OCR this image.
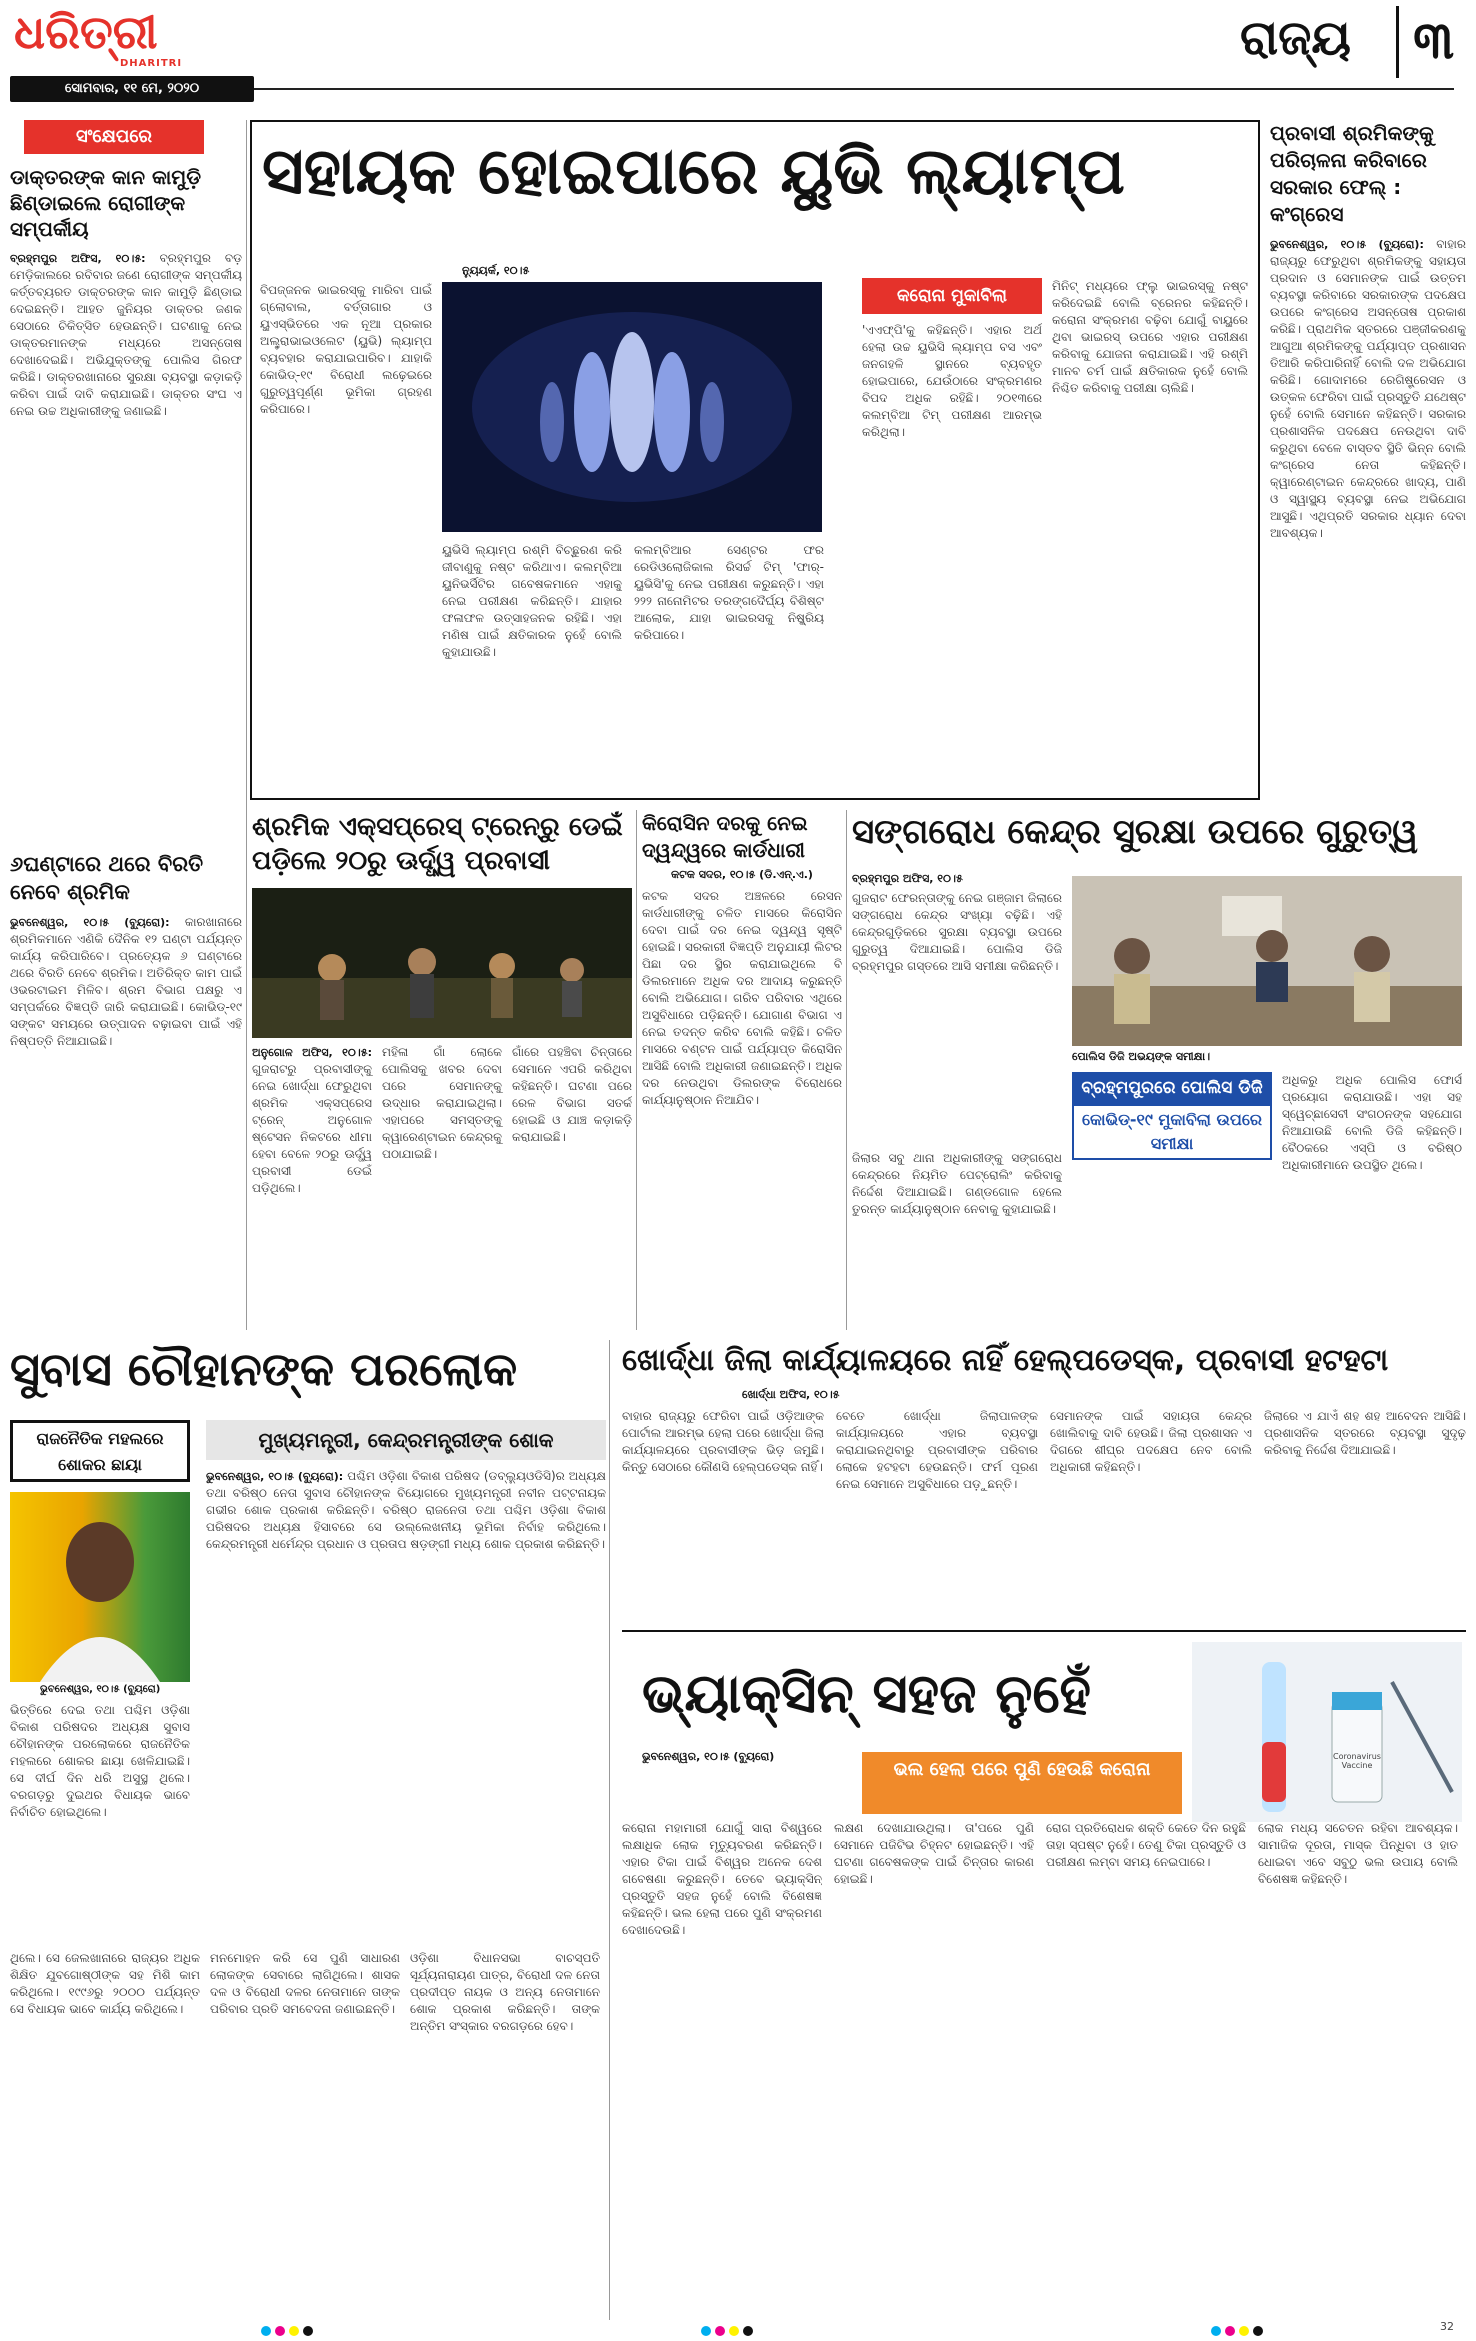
ଧରିତ୍ରୀ
DHARITRI
ସୋମବାର, ୧୧ ମେ, ୨୦୨୦
ରାଜ୍ୟ ୩
ସଂକ୍ଷେପରେ
ଡାକ୍ତରଙ୍କ କାନ କାମୁଡ଼ି ଛିଣ୍ଡାଇଲେ ରୋଗୀଙ୍କ ସମ୍ପର୍କୀୟ
ବ୍ରହ୍ମପୁର ଅଫିସ, ୧୦।୫: ବ୍ରହ୍ମପୁର ବଡ଼ ମେଡ଼ିକାଲରେ ରବିବାର ଜଣେ ରୋଗୀଙ୍କ ସମ୍ପର୍କୀୟ କର୍ତ୍ତବ୍ୟରତ ଡାକ୍ତରଙ୍କ କାନ କାମୁଡ଼ି ଛିଣ୍ଡାଇ ଦେଇଛନ୍ତି। ଆହତ ଜୁନିୟର ଡାକ୍ତର ଜଣକ ସେଠାରେ ଚିକିତ୍ସିତ ହେଉଛନ୍ତି। ଘଟଣାକୁ ନେଇ ଡାକ୍ତରମାନଙ୍କ ମଧ୍ୟରେ ଅସନ୍ତୋଷ ଦେଖାଦେଇଛି। ଅଭିଯୁକ୍ତଙ୍କୁ ପୋଲିସ ଗିରଫ କରିଛି। ଡାକ୍ତରଖାନାରେ ସୁରକ୍ଷା ବ୍ୟବସ୍ଥା କଡ଼ାକଡ଼ି କରିବା ପାଇଁ ଦାବି କରାଯାଇଛି। ଡାକ୍ତର ସଂଘ ଏ ନେଇ ଉଚ୍ଚ ଅଧିକାରୀଙ୍କୁ ଜଣାଇଛି।
୬ଘଣ୍ଟାରେ ଥରେ ବିରତି ନେବେ ଶ୍ରମିକ
ଭୁବନେଶ୍ୱର, ୧୦।୫ (ବ୍ୟୁରୋ): କାରଖାନାରେ ଶ୍ରମିକମାନେ ଏଣିକି ଦୈନିକ ୧୨ ଘଣ୍ଟା ପର୍ଯ୍ୟନ୍ତ କାର୍ଯ୍ୟ କରିପାରିବେ। ପ୍ରତ୍ୟେକ ୬ ଘଣ୍ଟାରେ ଥରେ ବିରତି ନେବେ ଶ୍ରମିକ। ଅତିରିକ୍ତ କାମ ପାଇଁ ଓଭରଟାଇମ ମିଳିବ। ଶ୍ରମ ବିଭାଗ ପକ୍ଷରୁ ଏ ସମ୍ପର୍କରେ ବିଜ୍ଞପ୍ତି ଜାରି କରାଯାଇଛି। କୋଭିଡ୍-୧୯ ସଙ୍କଟ ସମୟରେ ଉତ୍ପାଦନ ବଢ଼ାଇବା ପାଇଁ ଏହି ନିଷ୍ପତ୍ତି ନିଆଯାଇଛି।
ସହାୟକ ହୋଇପାରେ ୟୁଭି ଲ୍ୟାମ୍ପ
ନ୍ୟୁୟର୍କ, ୧୦।୫
କରୋନା ମୁକାବିଲା
ବିପଜ୍ଜନକ ଭାଇରସ୍‌କୁ ମାରିବା ପାଇଁ ଗ୍ଲୋବାଲ, ବର୍ତ୍ତାଗାର ଓ ୟୁଏସ୍‌ଭିତରେ ଏକ ନୂଆ ପ୍ରକାର ଅଲ୍ଟ୍ରାଭାଇଓଲେଟ (ୟୁଭି) ଲ୍ୟାମ୍ପ ବ୍ୟବହାର କରାଯାଇପାରିବ। ଯାହାକି କୋଭିଡ୍-୧୯ ବିରୋଧୀ ଲଢ଼େଇରେ ଗୁରୁତ୍ୱପୂର୍ଣ୍ଣ ଭୂମିକା ଗ୍ରହଣ କରିପାରେ।
ୟୁଭିସି ଲ୍ୟାମ୍ପ ରଶ୍ମି ବିଚ୍ଛୁରଣ କରି ଜୀବାଣୁକୁ ନଷ୍ଟ କରିଥାଏ। କଲମ୍ବିଆ ୟୁନିଭର୍ସିଟିର ଗବେଷକମାନେ ଏହାକୁ ନେଇ ପରୀକ୍ଷଣ କରିଛନ୍ତି। ଯାହାର ଫଳାଫଳ ଉତ୍ସାହଜନକ ରହିଛି। ଏହା ମଣିଷ ପାଇଁ କ୍ଷତିକାରକ ନୁହେଁ ବୋଲି କୁହାଯାଉଛି।
କଲମ୍ବିଆର ସେଣ୍ଟର ଫର ରେଡିଓଲୋଜିକାଲ ରିସର୍ଚ୍ଚ ଟିମ୍ 'ଫାର୍-ୟୁଭିସି'କୁ ନେଇ ପରୀକ୍ଷଣ କରୁଛନ୍ତି। ଏହା ୨୨୨ ନାନୋମିଟର ତରଙ୍ଗଦୈର୍ଘ୍ୟ ବିଶିଷ୍ଟ ଆଲୋକ, ଯାହା ଭାଇରସକୁ ନିଷ୍କ୍ରିୟ କରିପାରେ।
'ଏଏଫ୍‌ପି'କୁ କହିଛନ୍ତି। ଏହାର ଅର୍ଥ ହେଲା ଉଚ୍ଚ ୟୁଭିସି ଲ୍ୟାମ୍ପ ବସ ଏବଂ ଜନଗହଳି ସ୍ଥାନରେ ବ୍ୟବହୃତ ହୋଇପାରେ, ଯେଉଁଠାରେ ସଂକ୍ରମଣର ବିପଦ ଅଧିକ ରହିଛି। ୨୦୧୩ରେ କଲମ୍ବିଆ ଟିମ୍ ପରୀକ୍ଷଣ ଆରମ୍ଭ କରିଥିଲା।
ମିନିଟ୍ ମଧ୍ୟରେ ଫ୍ଲୁ ଭାଇରସ୍‌କୁ ନଷ୍ଟ କରିଦେଇଛି ବୋଲି ବ୍ରେନର କହିଛନ୍ତି। କରୋନା ସଂକ୍ରମଣ ବଢ଼ିବା ଯୋଗୁଁ ବାୟୁରେ ଥିବା ଭାଇରସ୍ ଉପରେ ଏହାର ପରୀକ୍ଷଣ କରିବାକୁ ଯୋଜନା କରାଯାଇଛି। ଏହି ରଶ୍ମି ମାନବ ଚର୍ମ ପାଇଁ କ୍ଷତିକାରକ ନୁହେଁ ବୋଲି ନିଶ୍ଚିତ କରିବାକୁ ପରୀକ୍ଷା ଚାଲିଛି।
ପ୍ରବାସୀ ଶ୍ରମିକଙ୍କୁ ପରିଚାଳନା କରିବାରେ ସରକାର ଫେଲ୍ : କଂଗ୍ରେସ
ଭୁବନେଶ୍ୱର, ୧୦।୫ (ବ୍ୟୁରୋ): ବାହାର ରାଜ୍ୟରୁ ଫେରୁଥିବା ଶ୍ରମିକଙ୍କୁ ସହାୟତା ପ୍ରଦାନ ଓ ସେମାନଙ୍କ ପାଇଁ ଉତ୍ତମ ବ୍ୟବସ୍ଥା କରିବାରେ ସରକାରଙ୍କ ପଦକ୍ଷେପ ଉପରେ କଂଗ୍ରେସ ଅସନ୍ତୋଷ ପ୍ରକାଶ କରିଛି। ପ୍ରାଥମିକ ସ୍ତରରେ ପଞ୍ଜୀକରଣକୁ ଆଗୁଆ ଶ୍ରମିକଙ୍କୁ ପର୍ଯ୍ୟାପ୍ତ ପ୍ରଶାସନ ତିଆରି କରିପାରିନାହିଁ ବୋଲି ଦଳ ଅଭିଯୋଗ କରିଛି। ଗୋଦାମରେ ରେଗିଷ୍ଟ୍ରେସନ ଓ ଉତ୍କଳ ଫେରିବା ପାଇଁ ପ୍ରସ୍ତୁତି ଯଥେଷ୍ଟ ନୁହେଁ ବୋଲି ସେମାନେ କହିଛନ୍ତି। ସରକାର ପ୍ରଶାସନିକ ପଦକ୍ଷେପ ନେଉଥିବା ଦାବି କରୁଥିବା ବେଳେ ବାସ୍ତବ ସ୍ଥିତି ଭିନ୍ନ ବୋଲି କଂଗ୍ରେସ ନେତା କହିଛନ୍ତି। କ୍ୱାରେଣ୍ଟାଇନ କେନ୍ଦ୍ରରେ ଖାଦ୍ୟ, ପାଣି ଓ ସ୍ୱାସ୍ଥ୍ୟ ବ୍ୟବସ୍ଥା ନେଇ ଅଭିଯୋଗ ଆସୁଛି। ଏଥିପ୍ରତି ସରକାର ଧ୍ୟାନ ଦେବା ଆବଶ୍ୟକ।
ଶ୍ରମିକ ଏକ୍ସପ୍ରେସ୍ ଟ୍ରେନ୍‌ରୁ ଡେଇଁ ପଡ଼ିଲେ ୨୦ରୁ ଊର୍ଦ୍ଧ୍ୱ ପ୍ରବାସୀ
ଅନୁଗୋଳ ଅଫିସ, ୧୦।୫: ଗୁଜରାଟରୁ ପ୍ରବାସୀଙ୍କୁ ନେଇ ଖୋର୍ଦ୍ଧା ଫେରୁଥିବା ଶ୍ରମିକ ଏକ୍ସପ୍ରେସ ଟ୍ରେନ୍ ଅନୁଗୋଳ ଷ୍ଟେସନ ନିକଟରେ ଧୀମା ହେବା ବେଳେ ୨୦ରୁ ଊର୍ଦ୍ଧ୍ୱ ପ୍ରବାସୀ ଡେଇଁ ପଡ଼ିଥିଲେ।
ମହିଳା ଗାଁ ଲୋକେ ପୋଲିସକୁ ଖବର ଦେବା ପରେ ସେମାନଙ୍କୁ ଉଦ୍ଧାର କରାଯାଇଥିଲା। ଏହାପରେ ସମସ୍ତଙ୍କୁ କ୍ୱାରେଣ୍ଟାଇନ କେନ୍ଦ୍ରକୁ ପଠାଯାଇଛି।
ଗାଁରେ ପହଞ୍ଚିବା ଚିନ୍ତାରେ ସେମାନେ ଏପରି କରିଥିବା କହିଛନ୍ତି। ଘଟଣା ପରେ ରେଳ ବିଭାଗ ସତର୍କ ହୋଇଛି ଓ ଯାଞ୍ଚ କଡ଼ାକଡ଼ି କରାଯାଇଛି।
କିରୋସିନ ଦରକୁ ନେଇ ଦ୍ୱନ୍ଦ୍ୱରେ କାର୍ଡଧାରୀ
କଟକ ସଦର, ୧୦।୫ (ଡି.ଏନ୍.ଏ.)
କଟକ ସଦର ଅଞ୍ଚଳରେ ରେସନ କାର୍ଡଧାରୀଙ୍କୁ ଚଳିତ ମାସରେ କିରୋସିନ ଦେବା ପାଇଁ ଦର ନେଇ ଦ୍ୱନ୍ଦ୍ୱ ସୃଷ୍ଟି ହୋଇଛି। ସରକାରୀ ବିଜ୍ଞପ୍ତି ଅନୁଯାୟୀ ଲିଟର ପିଛା ଦର ସ୍ଥିର କରାଯାଇଥିଲେ ବି ଡିଲରମାନେ ଅଧିକ ଦର ଆଦାୟ କରୁଛନ୍ତି ବୋଲି ଅଭିଯୋଗ। ଗରିବ ପରିବାର ଏଥିରେ ଅସୁବିଧାରେ ପଡ଼ିଛନ୍ତି। ଯୋଗାଣ ବିଭାଗ ଏ ନେଇ ତଦନ୍ତ କରିବ ବୋଲି କହିଛି। ଚଳିତ ମାସରେ ବଣ୍ଟନ ପାଇଁ ପର୍ଯ୍ୟାପ୍ତ କିରୋସିନ ଆସିଛି ବୋଲି ଅଧିକାରୀ ଜଣାଇଛନ୍ତି। ଅଧିକ ଦର ନେଉଥିବା ଡିଲରଙ୍କ ବିରୋଧରେ କାର୍ଯ୍ୟାନୁଷ୍ଠାନ ନିଆଯିବ।
ସଙ୍ଗରୋଧ କେନ୍ଦ୍ର ସୁରକ୍ଷା ଉପରେ ଗୁରୁତ୍ୱ
ବ୍ରହ୍ମପୁର ଅଫିସ, ୧୦।୫
ଗୁଜରାଟ ଫେରନ୍ତାଙ୍କୁ ନେଇ ଗଞ୍ଜାମ ଜିଲାରେ ସଙ୍ଗରୋଧ କେନ୍ଦ୍ର ସଂଖ୍ୟା ବଢ଼ିଛି। ଏହି କେନ୍ଦ୍ରଗୁଡ଼ିକରେ ସୁରକ୍ଷା ବ୍ୟବସ୍ଥା ଉପରେ ଗୁରୁତ୍ୱ ଦିଆଯାଇଛି। ପୋଲିସ ଡିଜି ବ୍ରହ୍ମପୁର ଗସ୍ତରେ ଆସି ସମୀକ୍ଷା କରିଛନ୍ତି।
ପୋଲିସ ଡିଜି ଅଭୟଙ୍କ ସମୀକ୍ଷା।
ବ୍ରହ୍ମପୁରରେ ପୋଲିସ ଡିଜି
କୋଭିଡ୍-୧୯ ମୁକାବିଲା ଉପରେ ସମୀକ୍ଷା
ଜିଲାର ସବୁ ଥାନା ଅଧିକାରୀଙ୍କୁ ସଙ୍ଗରୋଧ କେନ୍ଦ୍ରରେ ନିୟମିତ ପେଟ୍ରୋଲିଂ କରିବାକୁ ନିର୍ଦ୍ଦେଶ ଦିଆଯାଇଛି। ଗଣ୍ଡଗୋଳ ହେଲେ ତୁରନ୍ତ କାର୍ଯ୍ୟାନୁଷ୍ଠାନ ନେବାକୁ କୁହାଯାଇଛି।
ଅଧିକରୁ ଅଧିକ ପୋଲିସ ଫୋର୍ସ ପ୍ରୟୋଗ କରାଯାଉଛି। ଏହା ସହ ସ୍ୱେଚ୍ଛାସେବୀ ସଂଗଠନଙ୍କ ସହଯୋଗ ନିଆଯାଉଛି ବୋଲି ଡିଜି କହିଛନ୍ତି। ବୈଠକରେ ଏସ୍‌ପି ଓ ବରିଷ୍ଠ ଅଧିକାରୀମାନେ ଉପସ୍ଥିତ ଥିଲେ।
ସୁବାସ ଚୌହାନଙ୍କ ପରଲୋକ
ରାଜନୈତିକ ମହଲରେ ଶୋକର ଛାୟା
ମୁଖ୍ୟମନ୍ତ୍ରୀ, କେନ୍ଦ୍ରମନ୍ତ୍ରୀଙ୍କ ଶୋକ
ଭୁବନେଶ୍ୱର, ୧୦।୫ (ବ୍ୟୁରୋ)
ଭୁବନେଶ୍ୱର, ୧୦।୫ (ବ୍ୟୁରୋ): ପଶ୍ଚିମ ଓଡ଼ିଶା ବିକାଶ ପରିଷଦ (ଡବ୍ଲ୍ୟୁଓଡିସି)ର ଅଧ୍ୟକ୍ଷ ତଥା ବରିଷ୍ଠ ନେତା ସୁବାସ ଚୌହାନଙ୍କ ବିୟୋଗରେ ମୁଖ୍ୟମନ୍ତ୍ରୀ ନବୀନ ପଟ୍ଟନାୟକ ଗଭୀର ଶୋକ ପ୍ରକାଶ କରିଛନ୍ତି। ବରିଷ୍ଠ ରାଜନେତା ତଥା ପଶ୍ଚିମ ଓଡ଼ିଶା ବିକାଶ ପରିଷଦର ଅଧ୍ୟକ୍ଷ ହିସାବରେ ସେ ଉଲ୍ଲେଖନୀୟ ଭୂମିକା ନିର୍ବାହ କରିଥିଲେ। କେନ୍ଦ୍ରମନ୍ତ୍ରୀ ଧର୍ମେନ୍ଦ୍ର ପ୍ରଧାନ ଓ ପ୍ରତାପ ଷଡ଼ଙ୍ଗୀ ମଧ୍ୟ ଶୋକ ପ୍ରକାଶ କରିଛନ୍ତି।
ଭିତ୍ତିରେ ଦେଇ ତଥା ପଶ୍ଚିମ ଓଡ଼ିଶା ବିକାଶ ପରିଷଦର ଅଧ୍ୟକ୍ଷ ସୁବାସ ଚୌହାନଙ୍କ ପରଲୋକରେ ରାଜନୈତିକ ମହଲରେ ଶୋକର ଛାୟା ଖେଳିଯାଇଛି। ସେ ଦୀର୍ଘ ଦିନ ଧରି ଅସୁସ୍ଥ ଥିଲେ। ବରଗଡ଼ରୁ ଦୁଇଥର ବିଧାୟକ ଭାବେ ନିର୍ବାଚିତ ହୋଇଥିଲେ।
ଥିଲେ। ସେ ଜେଲଖାନାରେ ରାଜ୍ୟର ଅଧିକ ଶିକ୍ଷିତ ଯୁବଗୋଷ୍ଠୀଙ୍କ ସହ ମିଶି କାମ କରିଥିଲେ। ୧୯୯୬ରୁ ୨୦୦୦ ପର୍ଯ୍ୟନ୍ତ ସେ ବିଧାୟକ ଭାବେ କାର୍ଯ୍ୟ କରିଥିଲେ।
ମନମୋହନ କରି ସେ ପୁଣି ସାଧାରଣ ଲୋକଙ୍କ ସେବାରେ ଲାଗିଥିଲେ। ଶାସକ ଦଳ ଓ ବିରୋଧୀ ଦଳର ନେତାମାନେ ତାଙ୍କ ପରିବାର ପ୍ରତି ସମବେଦନା ଜଣାଇଛନ୍ତି।
ଓଡ଼ିଶା ବିଧାନସଭା ବାଚସ୍ପତି ସୂର୍ଯ୍ୟନାରାୟଣ ପାତ୍ର, ବିରୋଧୀ ଦଳ ନେତା ପ୍ରଦୀପ୍ତ ନାୟକ ଓ ଅନ୍ୟ ନେତାମାନେ ଶୋକ ପ୍ରକାଶ କରିଛନ୍ତି। ତାଙ୍କ ଅନ୍ତିମ ସଂସ୍କାର ବରଗଡ଼ରେ ହେବ।
ଖୋର୍ଦ୍ଧା ଜିଲା କାର୍ଯ୍ୟାଳୟରେ ନାହିଁ ହେଲ୍ପଡେସ୍କ, ପ୍ରବାସୀ ହଟହଟା
ଖୋର୍ଦ୍ଧା ଅଫିସ, ୧୦।୫
ବାହାର ରାଜ୍ୟରୁ ଫେରିବା ପାଇଁ ଓଡ଼ିଆଙ୍କ ପୋର୍ଟାଲ ଆରମ୍ଭ ହେଲା ପରେ ଖୋର୍ଦ୍ଧା ଜିଲା କାର୍ଯ୍ୟାଳୟରେ ପ୍ରବାସୀଙ୍କ ଭିଡ଼ ଜମୁଛି। କିନ୍ତୁ ସେଠାରେ କୌଣସି ହେଲ୍ପଡେସ୍କ ନାହିଁ।
ବେତେ ଖୋର୍ଦ୍ଧା ଜିଲାପାଳଙ୍କ କାର୍ଯ୍ୟାଳୟରେ ଏହାର ବ୍ୟବସ୍ଥା କରାଯାଇନଥିବାରୁ ପ୍ରବାସୀଙ୍କ ପରିବାର ଲୋକେ ହଟହଟା ହେଉଛନ୍ତି। ଫର୍ମ ପୂରଣ ନେଇ ସେମାନେ ଅସୁବିଧାରେ ପଡ଼ୁଛନ୍ତି।
ସେମାନଙ୍କ ପାଇଁ ସହାୟତା କେନ୍ଦ୍ର ଖୋଲିବାକୁ ଦାବି ହେଉଛି। ଜିଲା ପ୍ରଶାସନ ଏ ଦିଗରେ ଶୀଘ୍ର ପଦକ୍ଷେପ ନେବ ବୋଲି ଅଧିକାରୀ କହିଛନ୍ତି।
ଜିଲାରେ ଏ ଯାଏଁ ଶହ ଶହ ଆବେଦନ ଆସିଛି। ପ୍ରଶାସନିକ ସ୍ତରରେ ବ୍ୟବସ୍ଥା ସୁଦୃଢ଼ କରିବାକୁ ନିର୍ଦ୍ଦେଶ ଦିଆଯାଇଛି।
ଭ୍ୟାକ୍ସିନ୍ ସହଜ ନୁହେଁ
Coronavirus Vaccine
ଭୁବନେଶ୍ୱର, ୧୦।୫ (ବ୍ୟୁରୋ)
ଭଲ ହେଲା ପରେ ପୁଣି ହେଉଛି କରୋନା
କରୋନା ମହାମାରୀ ଯୋଗୁଁ ସାରା ବିଶ୍ୱରେ ଲକ୍ଷାଧିକ ଲୋକ ମୃତ୍ୟୁବରଣ କରିଛନ୍ତି। ଏହାର ଟିକା ପାଇଁ ବିଶ୍ୱର ଅନେକ ଦେଶ ଗବେଷଣା କରୁଛନ୍ତି। ତେବେ ଭ୍ୟାକ୍ସିନ୍ ପ୍ରସ୍ତୁତି ସହଜ ନୁହେଁ ବୋଲି ବିଶେଷଜ୍ଞ କହିଛନ୍ତି। ଭଲ ହେଲା ପରେ ପୁଣି ସଂକ୍ରମଣ ଦେଖାଦେଉଛି।
ଲକ୍ଷଣ ଦେଖାଯାଉଥିଲା। ତା'ପରେ ପୁଣି ସେମାନେ ପଜିଟିଭ ଚିହ୍ନଟ ହୋଇଛନ୍ତି। ଏହି ଘଟଣା ଗବେଷକଙ୍କ ପାଇଁ ଚିନ୍ତାର କାରଣ ହୋଇଛି।
ରୋଗ ପ୍ରତିରୋଧକ ଶକ୍ତି କେତେ ଦିନ ରହୁଛି ତାହା ସ୍ପଷ୍ଟ ନୁହେଁ। ତେଣୁ ଟିକା ପ୍ରସ୍ତୁତି ଓ ପରୀକ୍ଷଣ ଲମ୍ବା ସମୟ ନେଇପାରେ।
ଲୋକ ମଧ୍ୟ ସଚେତନ ରହିବା ଆବଶ୍ୟକ। ସାମାଜିକ ଦୂରତା, ମାସ୍କ ପିନ୍ଧିବା ଓ ହାତ ଧୋଇବା ଏବେ ସବୁଠୁ ଭଲ ଉପାୟ ବୋଲି ବିଶେଷଜ୍ଞ କହିଛନ୍ତି।
32
